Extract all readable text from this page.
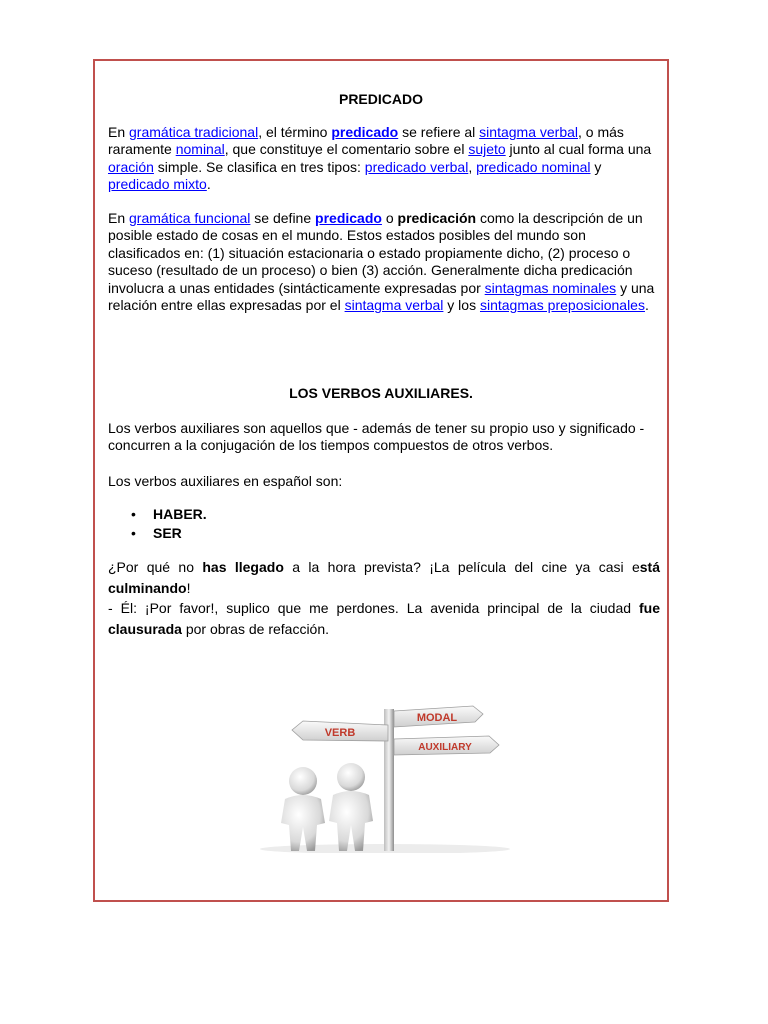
PREDICADO
En gramática tradicional, el término predicado se refiere al sintagma verbal, o más raramente nominal, que constituye el comentario sobre el sujeto junto al cual forma una oración simple. Se clasifica en tres tipos: predicado verbal, predicado nominal y predicado mixto.
En gramática funcional se define predicado o predicación como la descripción de un posible estado de cosas en el mundo. Estos estados posibles del mundo son clasificados en: (1) situación estacionaria o estado propiamente dicho, (2) proceso o suceso (resultado de un proceso) o bien (3) acción. Generalmente dicha predicación involucra a unas entidades (sintácticamente expresadas por sintagmas nominales y una relación entre ellas expresadas por el sintagma verbal y los sintagmas preposicionales.
LOS VERBOS AUXILIARES.
Los verbos auxiliares son aquellos que - además de tener su propio uso y significado - concurren a la conjugación de los tiempos compuestos de otros verbos.
Los verbos auxiliares en español son:
• HABER.
• SER
¿Por qué no has llegado a la hora prevista? ¡La película del cine ya casi está culminando!
- Él: ¡Por favor!, suplico que me perdones. La avenida principal de la ciudad fue clausurada por obras de refacción.
VERB
MODAL
AUXILIARY
